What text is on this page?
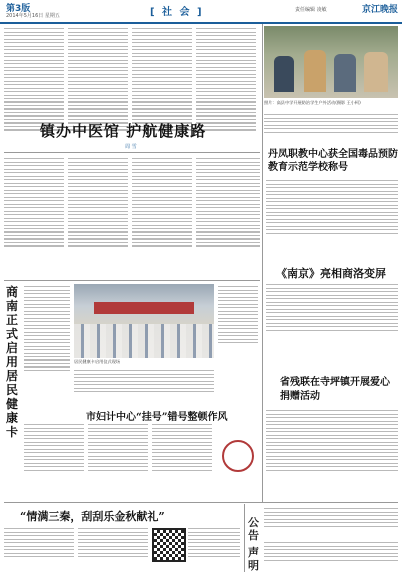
第3版
2014年5月16日 星期五	[ 社 会 ]	责任编辑 凌敏	京江晚报
照片：高县中学开展防治学生户外活动(摄影 王小柯)
镇办中医馆 护航健康路
周 雪
丹凤职教中心获全国毒品预防教育示范学校称号
《南京》亮相商洛变屏
省残联在寺坪镇开展爱心捐赠活动
商南正式启用居民健康卡
居民健康卡启用仪式现场
市妇计中心“挂号”错号整顿作风
“情满三秦，刮刮乐金秋献礼”	公告
声明
